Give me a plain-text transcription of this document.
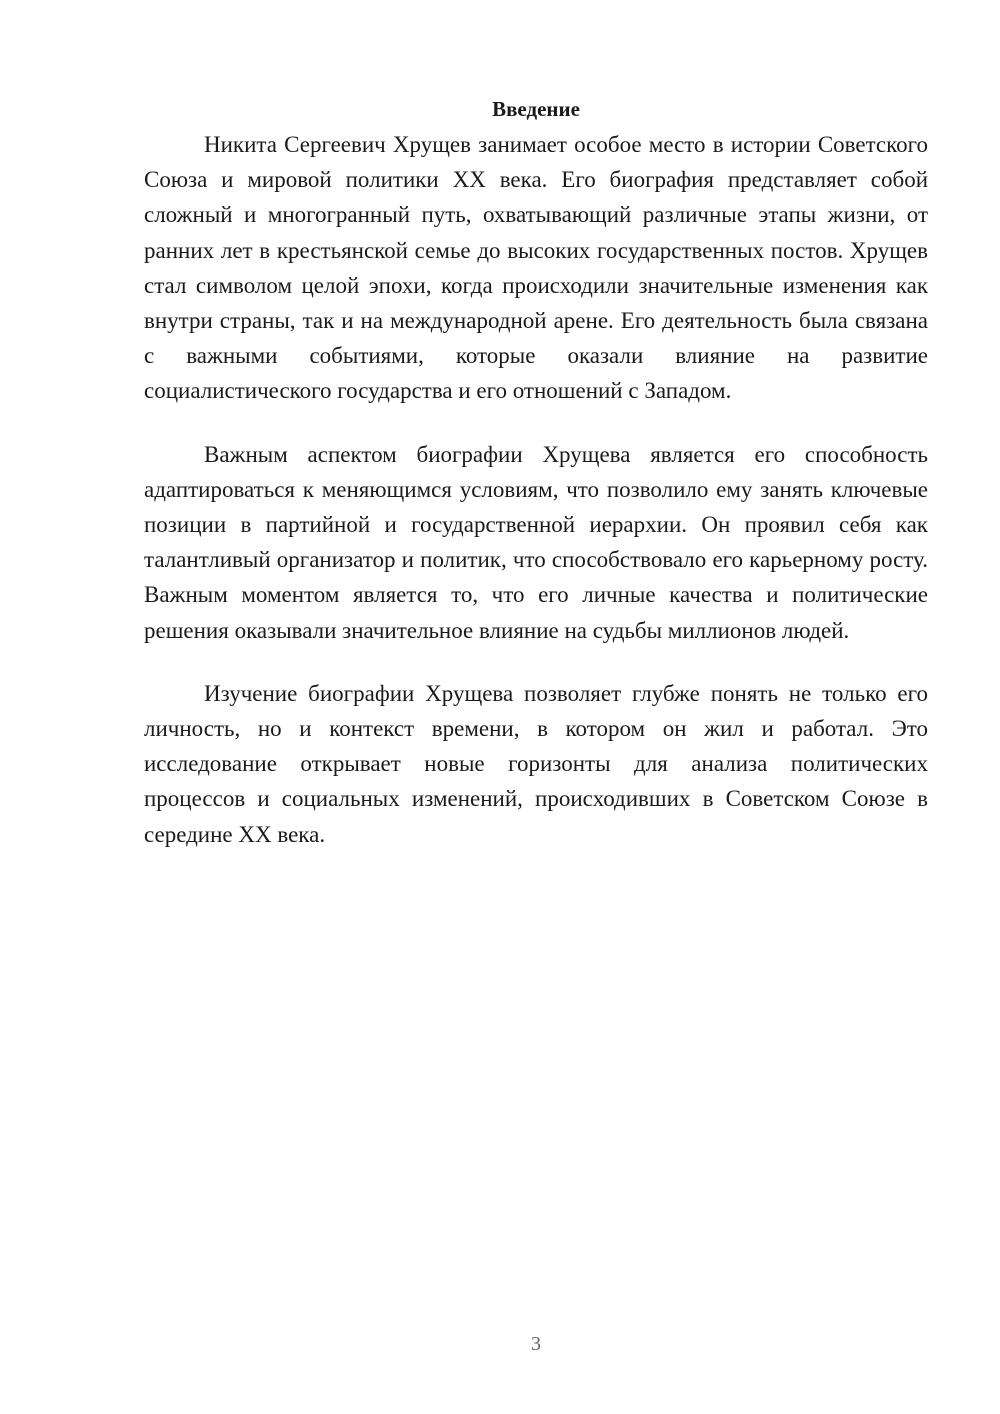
Введение

Никита Сергеевич Хрущев занимает особое место в истории Советского Союза и мировой политики XX века. Его биография представляет собой сложный и многогранный путь, охватывающий различные этапы жизни, от ранних лет в крестьянской семье до высоких государственных постов. Хрущев стал символом целой эпохи, когда происходили значительные изменения как внутри страны, так и на международной арене. Его деятельность была связана с важными событиями, которые оказали влияние на развитие социалистического государства и его отношений с Западом.

Важным аспектом биографии Хрущева является его способность адаптироваться к меняющимся условиям, что позволило ему занять ключевые позиции в партийной и государственной иерархии. Он проявил себя как талантливый организатор и политик, что способствовало его карьерному росту. Важным моментом является то, что его личные качества и политические решения оказывали значительное влияние на судьбы миллионов людей.

Изучение биографии Хрущева позволяет глубже понять не только его личность, но и контекст времени, в котором он жил и работал. Это исследование открывает новые горизонты для анализа политических процессов и социальных изменений, происходивших в Советском Союзе в середине XX века.

3
